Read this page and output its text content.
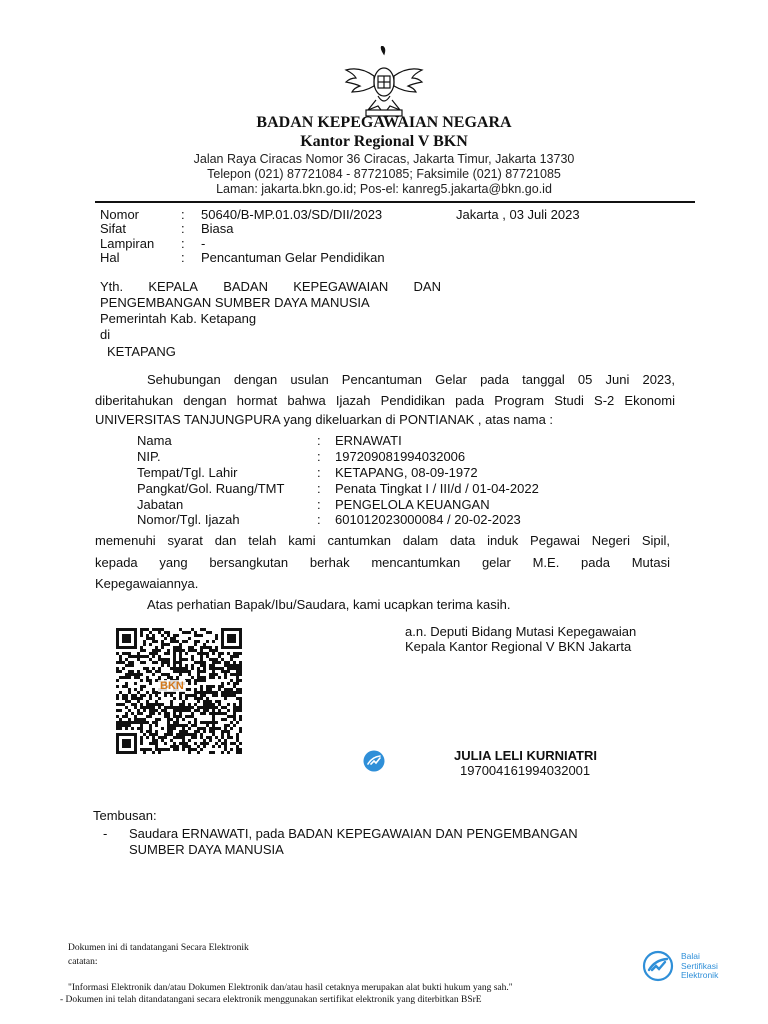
BADAN KEPEGAWAIAN NEGARA
Kantor Regional V BKN
Jalan Raya Ciracas Nomor 36 Ciracas, Jakarta Timur, Jakarta 13730
Telepon (021) 87721084 - 87721085; Faksimile (021) 87721085
Laman: jakarta.bkn.go.id; Pos-el: kanreg5.jakarta@bkn.go.id
Nomor	: 50640/B-MP.01.03/SD/DII/2023	Jakarta , 03 Juli 2023
Sifat	: Biasa
Lampiran : -
Hal	: Pencantuman Gelar Pendidikan
Yth. KEPALA BADAN KEPEGAWAIAN DAN
PENGEMBANGAN SUMBER DAYA MANUSIA
Pemerintah Kab. Ketapang
di
KETAPANG
Sehubungan dengan usulan Pencantuman Gelar pada tanggal 05 Juni 2023,
diberitahukan dengan hormat bahwa Ijazah Pendidikan pada Program Studi S-2 Ekonomi
UNIVERSITAS TANJUNGPURA yang dikeluarkan di PONTIANAK , atas nama :
Nama	: ERNAWATI
NIP.	: 197209081994032006
Tempat/Tgl. Lahir	: KETAPANG, 08-09-1972
Pangkat/Gol. Ruang/TMT	: Penata Tingkat I / III/d / 01-04-2022
Jabatan	: PENGELOLA KEUANGAN
Nomor/Tgl. Ijazah	: 601012023000084 / 20-02-2023
memenuhi syarat dan telah kami cantumkan dalam data induk Pegawai Negeri Sipil,
kepada yang bersangkutan berhak mencantumkan gelar M.E. pada Mutasi
Kepegawaiannya.
Atas perhatian Bapak/Ibu/Saudara, kami ucapkan terima kasih.
BKN
a.n. Deputi Bidang Mutasi Kepegawaian
Kepala Kantor Regional V BKN Jakarta
JULIA LELI KURNIATRI
197004161994032001
Tembusan:
- Saudara ERNAWATI, pada BADAN KEPEGAWAIAN DAN PENGEMBANGAN
SUMBER DAYA MANUSIA
Dokumen ini di tandatangani Secara Elektronik
catatan:
"Informasi Elektronik dan/atau Dokumen Elektronik dan/atau hasil cetaknya merupakan alat bukti hukum yang sah."
- Dokumen ini telah ditandatangani secara elektronik menggunakan sertifikat elektronik yang diterbitkan BSrE
Balai
Sertifikasi
Elektronik
